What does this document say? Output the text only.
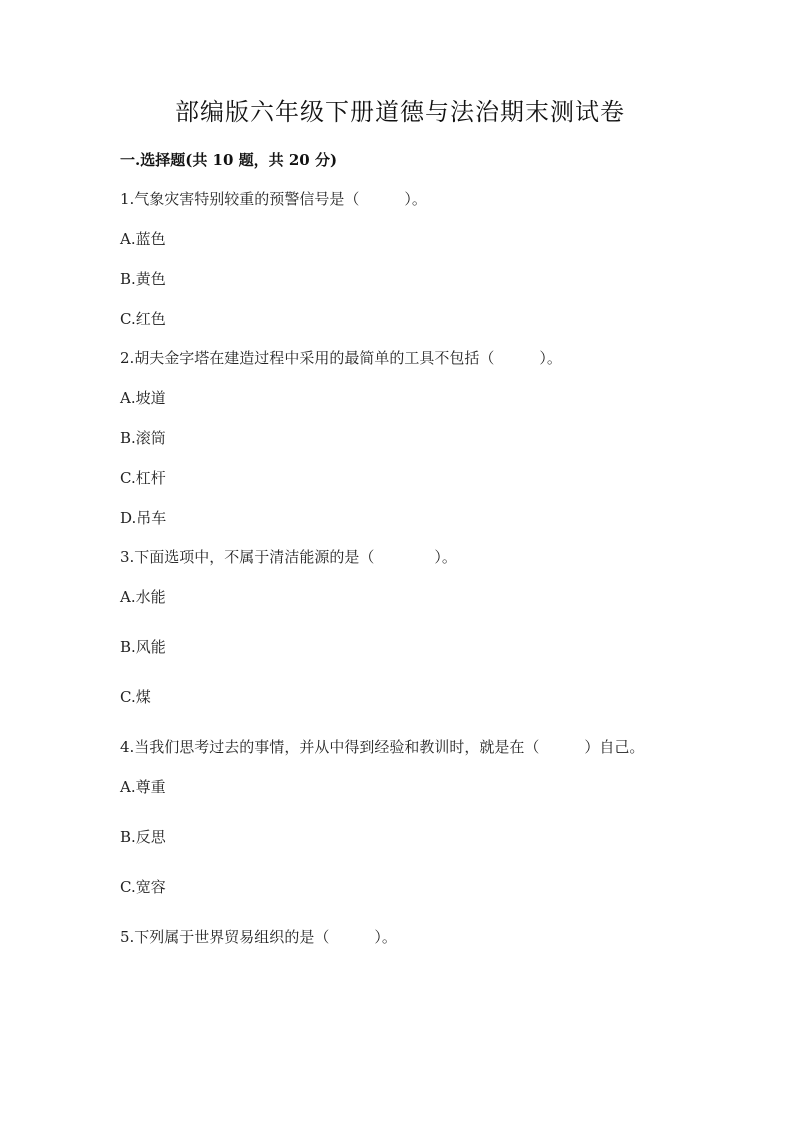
部编版六年级下册道德与法治期末测试卷
一.选择题(共 10 题，共 20 分)
1.气象灾害特别较重的预警信号是（　　　）。
A.蓝色
B.黄色
C.红色
2.胡夫金字塔在建造过程中采用的最简单的工具不包括（　　　）。
A.坡道
B.滚筒
C.杠杆
D.吊车
3.下面选项中，不属于清洁能源的是（　　　　）。
A.水能
B.风能
C.煤
4.当我们思考过去的事情，并从中得到经验和教训时，就是在（　　　）自己。
A.尊重
B.反思
C.宽容
5.下列属于世界贸易组织的是（　　　）。
